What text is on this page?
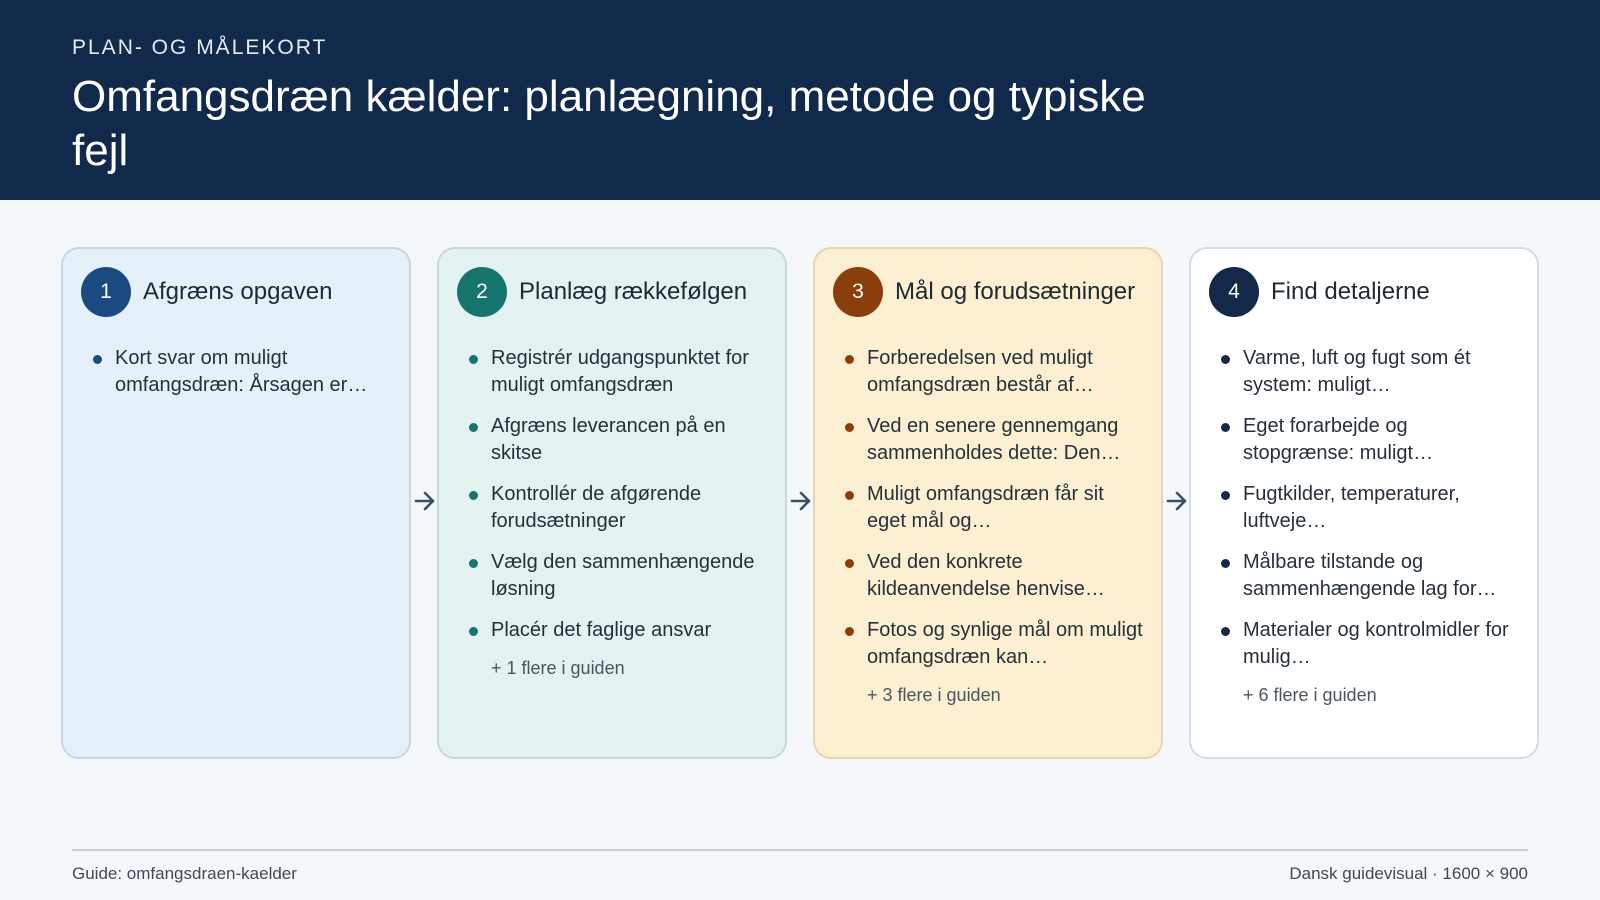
PLAN- OG MÅLEKORT
Omfangsdræn kælder: planlægning, metode og typiske fejl
1	Afgræns opgaven
Kort svar om muligt omfangsdræn: Årsagen er…
2	Planlæg rækkefølgen
Registrér udgangspunktet for muligt omfangsdræn
Afgræns leverancen på en skitse
Kontrollér de afgørende forudsætninger
Vælg den sammenhængende løsning
Placér det faglige ansvar
+ 1 flere i guiden
3	Mål og forudsætninger
Forberedelsen ved muligt omfangsdræn består af…
Ved en senere gennemgang sammenholdes dette: Den…
Muligt omfangsdræn får sit eget mål og…
Ved den konkrete kildeanvendelse henvise…
Fotos og synlige mål om muligt omfangsdræn kan…
+ 3 flere i guiden
4	Find detaljerne
Varme, luft og fugt som ét system: muligt…
Eget forarbejde og stopgrænse: muligt…
Fugtkilder, temperaturer, luftveje…
Målbare tilstande og sammenhængende lag for…
Materialer og kontrolmidler for mulig…
+ 6 flere i guiden
Guide: omfangsdraen-kaelder	Dansk guidevisual · 1600 × 900
